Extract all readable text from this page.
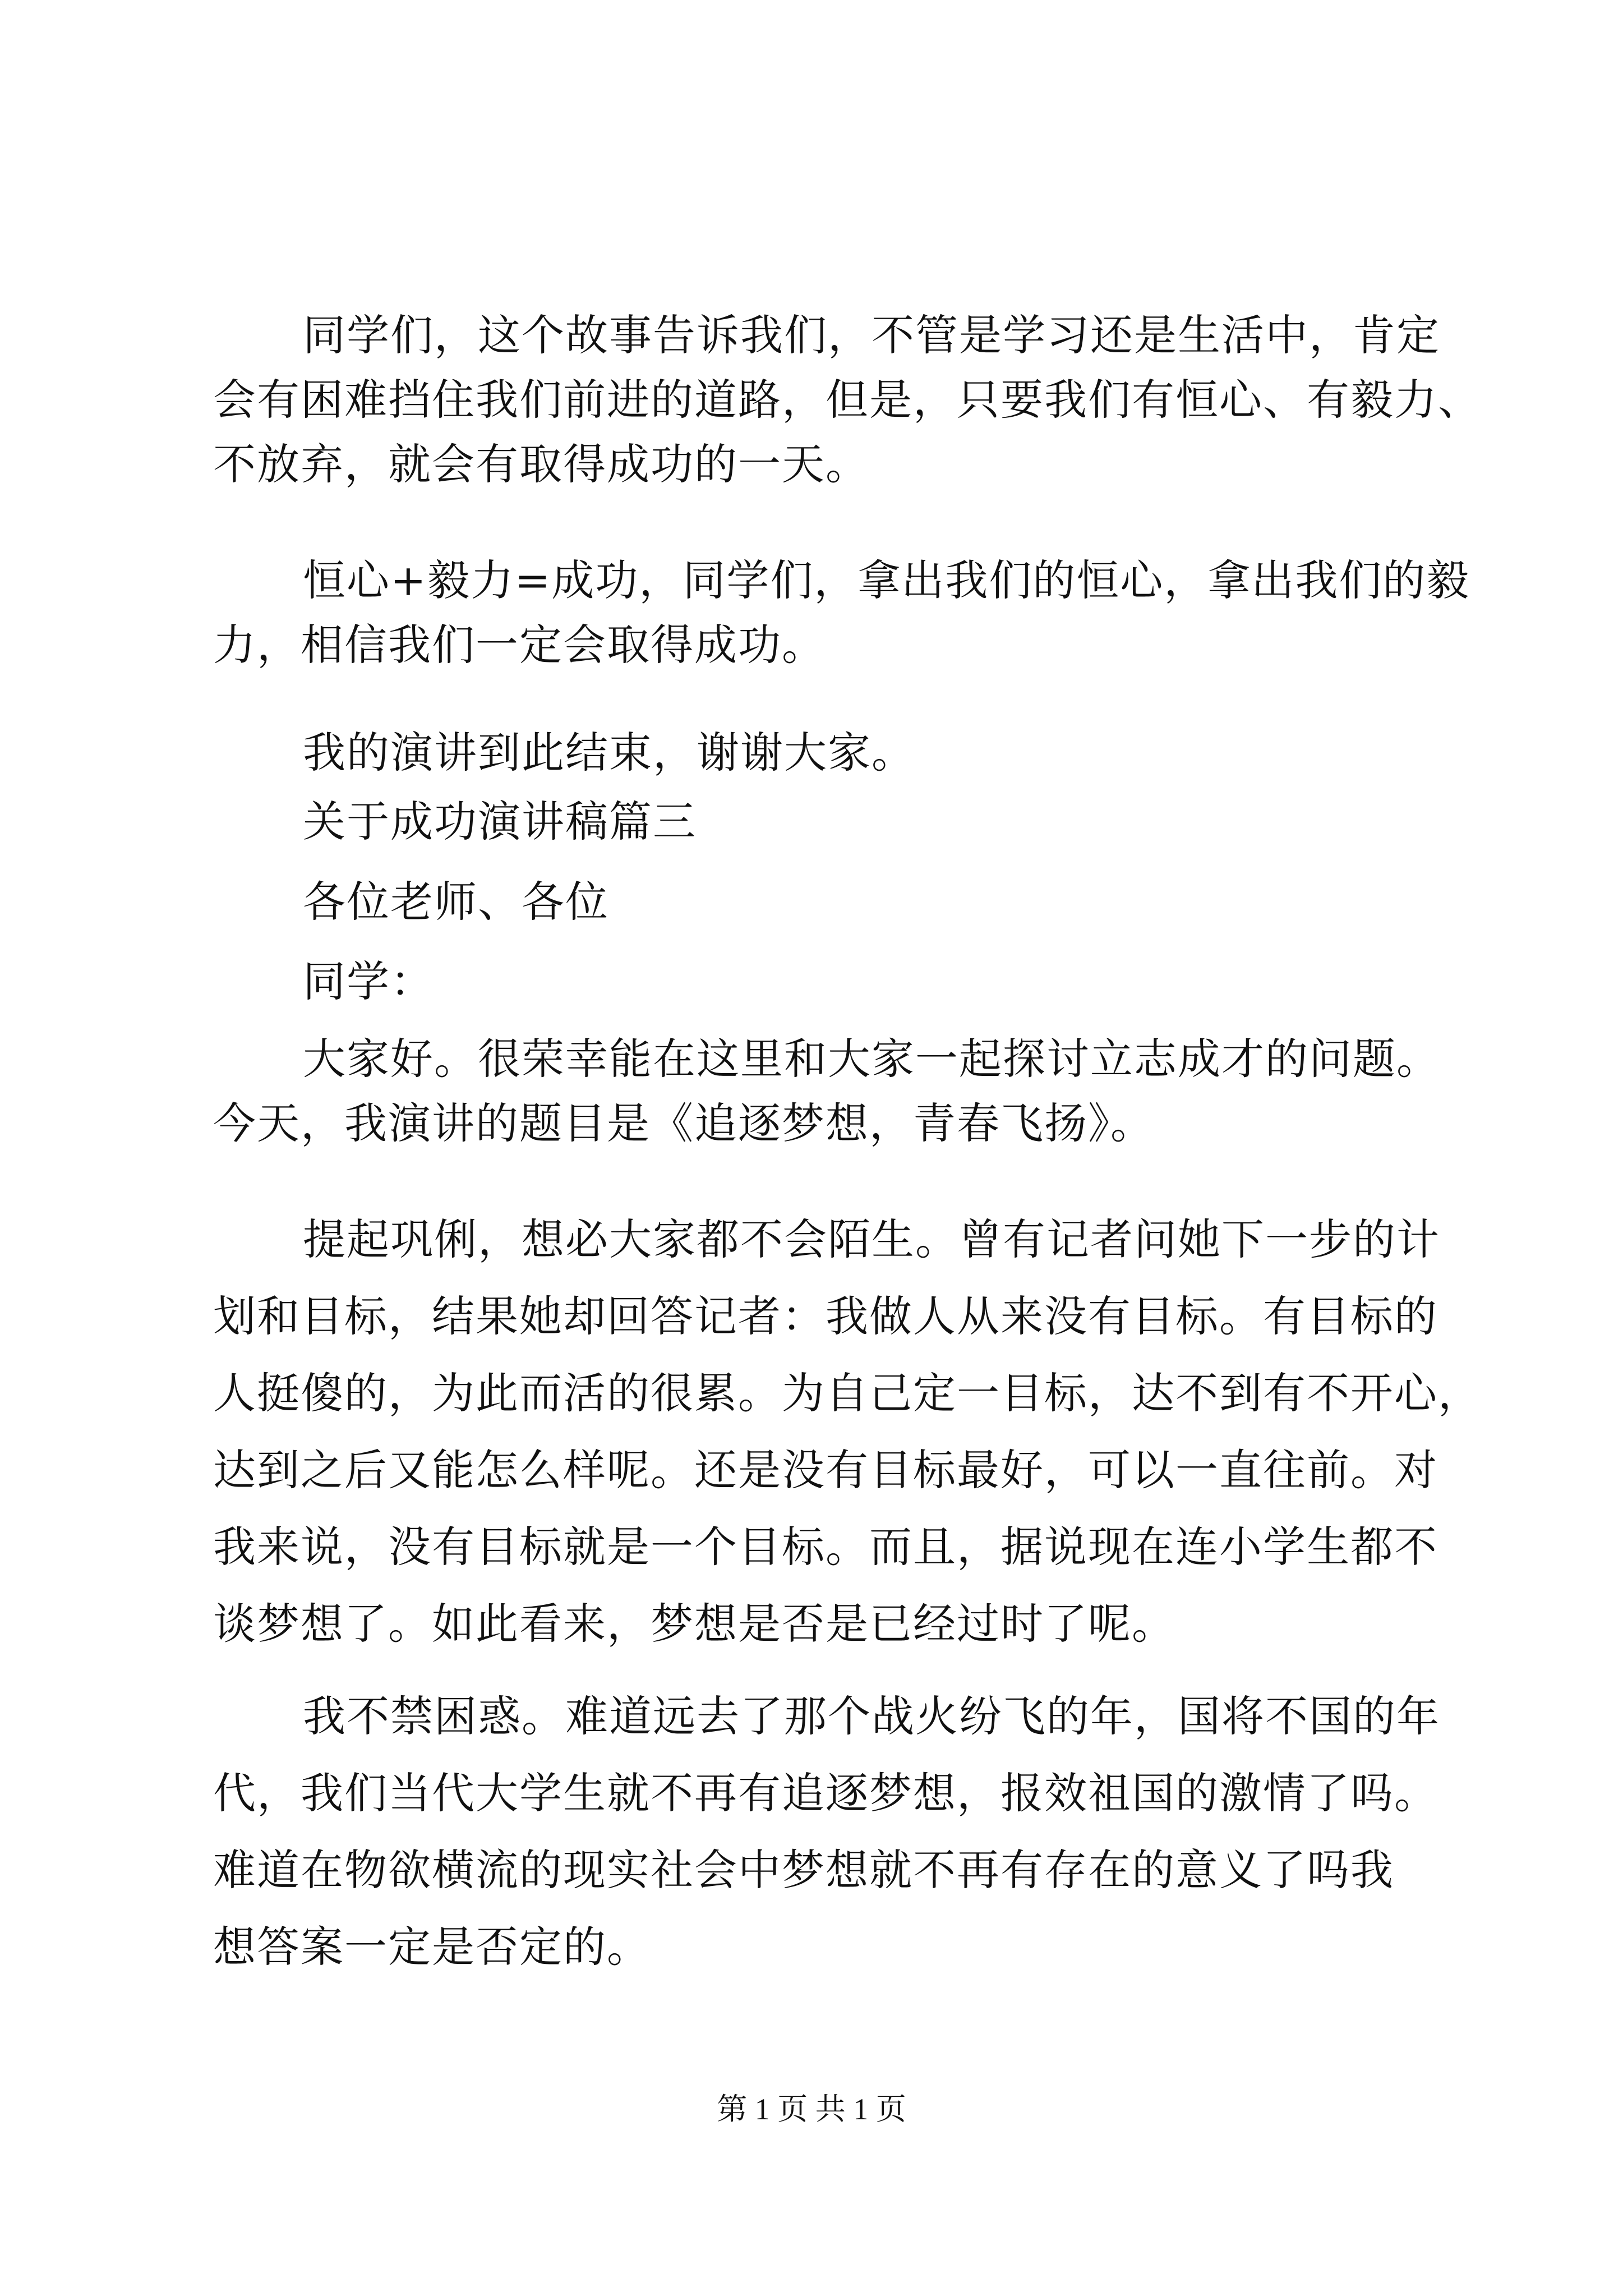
同学们，这个故事告诉我们，不管是学习还是生活中，肯定
会有困难挡住我们前进的道路，但是，只要我们有恒心、有毅力、
不放弃，就会有取得成功的一天。
恒心+毅力=成功，同学们，拿出我们的恒心，拿出我们的毅
力，相信我们一定会取得成功。
我的演讲到此结束，谢谢大家。
关于成功演讲稿篇三
各位老师、各位
同学：
大家好。很荣幸能在这里和大家一起探讨立志成才的问题。
今天，我演讲的题目是《追逐梦想，青春飞扬》。
提起巩俐，想必大家都不会陌生。曾有记者问她下一步的计
划和目标，结果她却回答记者：我做人从来没有目标。有目标的
人挺傻的，为此而活的很累。为自己定一目标，达不到有不开心，
达到之后又能怎么样呢。还是没有目标最好，可以一直往前。对
我来说，没有目标就是一个目标。而且，据说现在连小学生都不
谈梦想了。如此看来，梦想是否是已经过时了呢。
我不禁困惑。难道远去了那个战火纷飞的年，国将不国的年
代，我们当代大学生就不再有追逐梦想，报效祖国的激情了吗。
难道在物欲横流的现实社会中梦想就不再有存在的意义了吗我
想答案一定是否定的。
第 1 页 共 1 页
